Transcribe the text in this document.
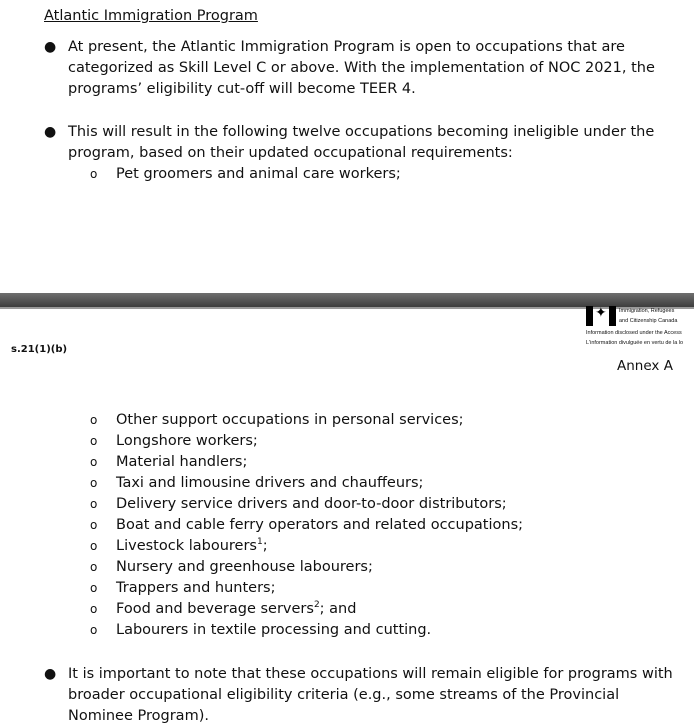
Atlantic Immigration Program
● At present, the Atlantic Immigration Program is open to occupations that are categorized as Skill Level C or above. With the implementation of NOC 2021, the programs’ eligibility cut-off will become TEER 4.
● This will result in the following twelve occupations becoming ineligible under the program, based on their updated occupational requirements:
o Pet groomers and animal care workers;
✦ Immigration, Refugees
and Citizenship Canada
Information disclosed under the Access
L'information divulguée en vertu de la lo
s.21(1)(b)
Annex A
o Other support occupations in personal services;
o Longshore workers;
o Material handlers;
o Taxi and limousine drivers and chauffeurs;
o Delivery service drivers and door-to-door distributors;
o Boat and cable ferry operators and related occupations;
o Livestock labourers$^1$;
o Nursery and greenhouse labourers;
o Trappers and hunters;
o Food and beverage servers$^2$; and
o Labourers in textile processing and cutting.
● It is important to note that these occupations will remain eligible for programs with broader occupational eligibility criteria (e.g., some streams of the Provincial Nominee Program).
